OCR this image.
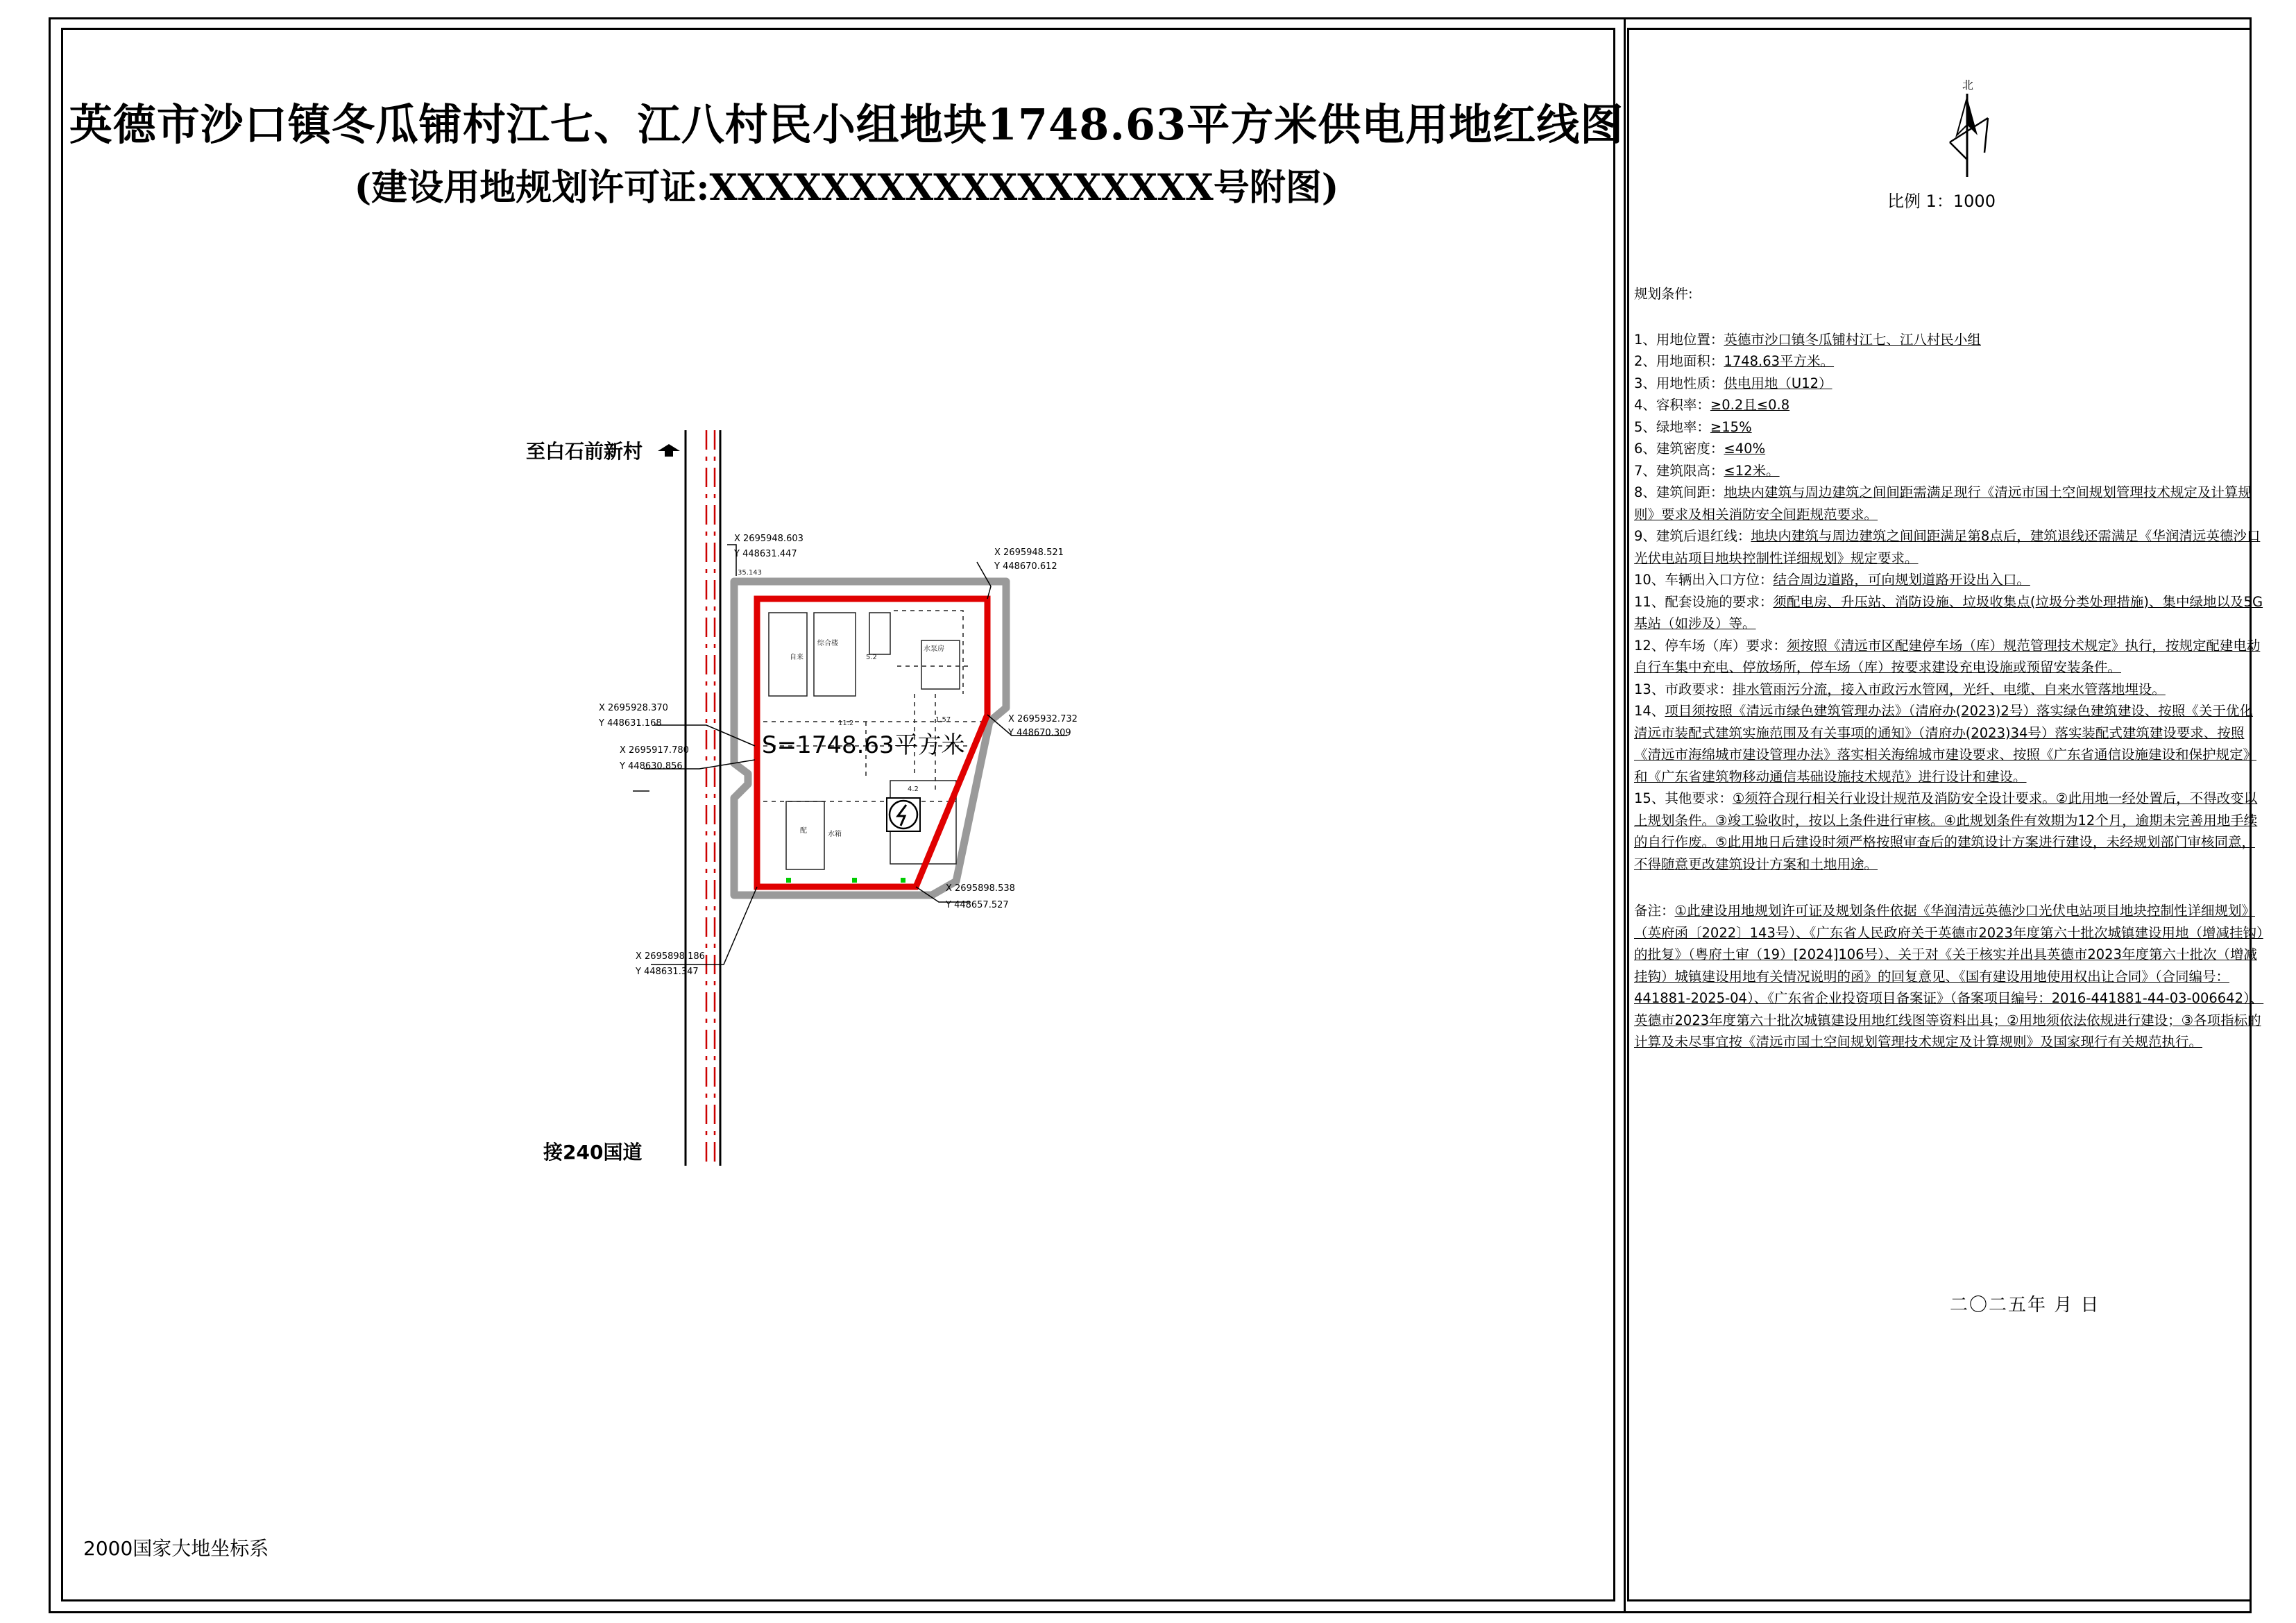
英德市沙口镇冬瓜铺村江七、江八村民小组地块1748.63平方米供电用地红线图
(建设用地规划许可证:XXXXXXXXXXXXXXXXXX号附图)
至白石前新村
接240国道
35.143
综合楼
5.2
水泵房
自来
11.2	1.57
4.2
配	水箱
S=1748.63平方米
X 2695948.603
Y 448631.447	X 2695948.521
Y 448670.612
X 2695928.370
Y 448631.168	X 2695932.732
Y 448670.309
X 2695917.780
Y 448630.856
X 2695898.538
Y 448657.527
X 2695898.186
Y 448631.347
2000国家大地坐标系
北
比例 1：1000

规划条件:

1、用地位置：英德市沙口镇冬瓜铺村江七、江八村民小组

2、用地面积：1748.63平方米。

3、用地性质：供电用地（U12）

4、容积率：≥0.2且≤0.8

5、绿地率：≥15%

6、建筑密度：≤40%

7、建筑限高：≤12米。

8、建筑间距：地块内建筑与周边建筑之间间距需满足现行《清远市国土空间规划管理技术规定及计算规则》要求及相关消防安全间距规范要求。

9、建筑后退红线：地块内建筑与周边建筑之间间距满足第8点后，建筑退线还需满足《华润清远英德沙口光伏电站项目地块控制性详细规划》规定要求。

10、车辆出入口方位：结合周边道路，可向规划道路开设出入口。

11、配套设施的要求：须配电房、升压站、消防设施、垃圾收集点(垃圾分类处理措施)、集中绿地以及5G基站（如涉及）等。

12、停车场（库）要求：须按照《清远市区配建停车场（库）规范管理技术规定》执行，按规定配建电动自行车集中充电、停放场所，停车场（库）按要求建设充电设施或预留安装条件。

13、市政要求：排水管雨污分流，接入市政污水管网，光纤、电缆、自来水管落地埋设。

14、项目须按照《清远市绿色建筑管理办法》（清府办(2023)2号）落实绿色建筑建设、按照《关于优化清远市装配式建筑实施范围及有关事项的通知》（清府办(2023)34号）落实装配式建筑建设要求、按照《清远市海绵城市建设管理办法》落实相关海绵城市建设要求、按照《广东省通信设施建设和保护规定》和《广东省建筑物移动通信基础设施技术规范》进行设计和建设。

15、其他要求：①须符合现行相关行业设计规范及消防安全设计要求。②此用地一经处置后，不得改变以上规划条件。③竣工验收时，按以上条件进行审核。④此规划条件有效期为12个月，逾期未完善用地手续的自行作废。⑤此用地日后建设时须严格按照审查后的建筑设计方案进行建设，未经规划部门审核同意，不得随意更改建筑设计方案和土地用途。

备注：①此建设用地规划许可证及规划条件依据《华润清远英德沙口光伏电站项目地块控制性详细规划》（英府函〔2022〕143号）、《广东省人民政府关于英德市2023年度第六十批次城镇建设用地（增减挂钩）的批复》（粤府土审（19）[2024]106号）、关于对《关于核实并出具英德市2023年度第六十批次（增减挂钩）城镇建设用地有关情况说明的函》的回复意见、《国有建设用地使用权出让合同》（合同编号：441881-2025-04）、《广东省企业投资项目备案证》（备案项目编号：2016-441881-44-03-006642）、英德市2023年度第六十批次城镇建设用地红线图等资料出具；②用地须依法依规进行建设；③各项指标的计算及未尽事宜按《清远市国土空间规划管理技术规定及计算规则》及国家现行有关规范执行。

二〇二五年 月 日
